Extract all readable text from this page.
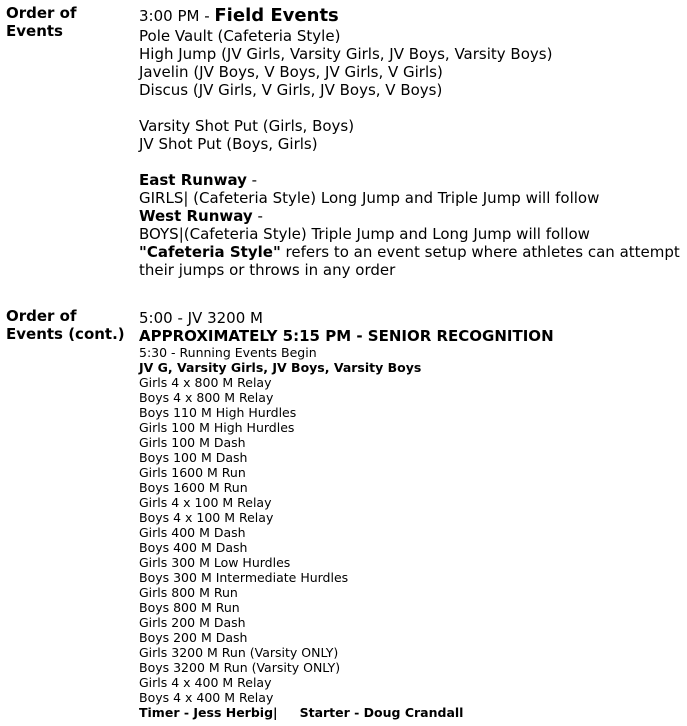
Order of
Events
3:00 PM - Field Events
Pole Vault (Cafeteria Style)
High Jump (JV Girls, Varsity Girls, JV Boys, Varsity Boys)
Javelin (JV Boys, V Boys, JV Girls, V Girls)
Discus (JV Girls, V Girls, JV Boys, V Boys)
Varsity Shot Put (Girls, Boys)
JV Shot Put (Boys, Girls)
East Runway -
GIRLS| (Cafeteria Style) Long Jump and Triple Jump will follow
West Runway -
BOYS|(Cafeteria Style) Triple Jump and Long Jump will follow
"Cafeteria Style" refers to an event setup where athletes can attempt their jumps or throws in any order
Order of
Events (cont.)
5:00 - JV 3200 M
APPROXIMATELY 5:15 PM - SENIOR RECOGNITION
5:30 - Running Events Begin
JV G, Varsity Girls, JV Boys, Varsity Boys
Girls 4 x 800 M Relay
Boys 4 x 800 M Relay
Boys 110 M High Hurdles
Girls 100 M High Hurdles
Girls 100 M Dash
Boys 100 M Dash
Girls 1600 M Run
Boys 1600 M Run
Girls 4 x 100 M Relay
Boys 4 x 100 M Relay
Girls 400 M Dash
Boys 400 M Dash
Girls 300 M Low Hurdles
Boys 300 M Intermediate Hurdles
Girls 800 M Run
Boys 800 M Run
Girls 200 M Dash
Boys 200 M Dash
Girls 3200 M Run (Varsity ONLY)
Boys 3200 M Run (Varsity ONLY)
Girls 4 x 400 M Relay
Boys 4 x 400 M Relay
Timer - Jess Herbig| Starter - Doug Crandall
